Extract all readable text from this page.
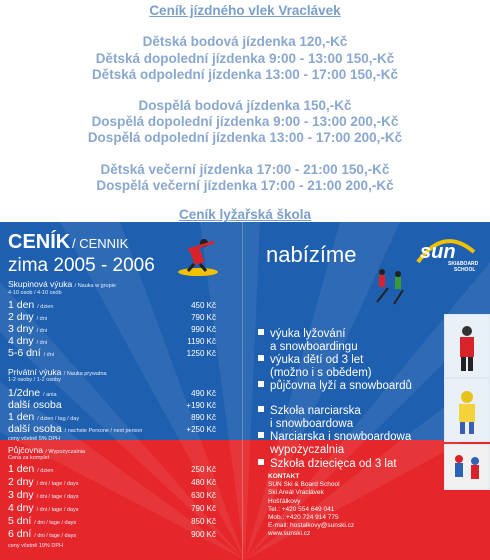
Ceník jízdného vlek Vraclávek
Dětská bodová jízdenka 120,-Kč
Dětská dopolední jízdenka 9:00 - 13:00 150,-Kč
Dětská odpolední jízdenka 13:00 - 17:00 150,-Kč
Dospělá bodová jízdenka 150,-Kč
Dospělá dopolední jízdenka 9:00 - 13:00 200,-Kč
Dospělá odpolední jízdenka 13:00 - 17:00 200,-Kč
Dětská večerní jízdenka 17:00 - 21:00 150,-Kč
Dospělá večerní jízdenka 17:00 - 21:00 200,-Kč
Ceník lyžařská škola
CENÍK / CENNIK
zima 2005 - 2006	nabízíme	sun
SKI&BOARD
SCHOOL
Skupinová výuka / Nauka w grupie
4-10 osob / 4-10 osób
1 den / dzien	450 Kč
2 dny / dni	790 Kč
3 dny / dni	990 Kč
4 dny / dni	1190 Kč
5-6 dní / dni	1250 Kč
Privátní výuka / Nauka prywatna
1-2 osoby / 1-2 osoby
1/2dne / ania	490 Kč
další osoba	+190 Kč
1 den / dzien / tag / day	890 Kč
další osoba / nachste Persone / next person	+250 Kč
ceny včetně 5% DPH
Půjčovna / Wypożyczalnia
Cena za komplet
1 den / dzien	250 Kč
2 dny / dni / tage / days	480 Kč
3 dny / dni / tage / days	630 Kč
4 dny / dni / tage / days	790 Kč
5 dní / dni / tage / days	850 Kč
6 dní / dni / tage / days	900 Kč
ceny včetně 19% DPH
výuka lyžování
a snowboardingu
výuka dětí od 3 let
(možno i s obědem)
půjčovna lyží a snowboardů
Szkoła narciarska
i snowboardowa
Narciarska i snowboardowa
wypożyczalnia
Szkoła dziecięca od 3 lat
KONTAKT
SUN Ski & Board School
Ski Areál Vraclávek
Hošťálkovy
Tel.: +420 554 649 041
Mob.: +420 724 914 775
E-mail: hostalkovy@sunski.cz
www.sunski.cz
